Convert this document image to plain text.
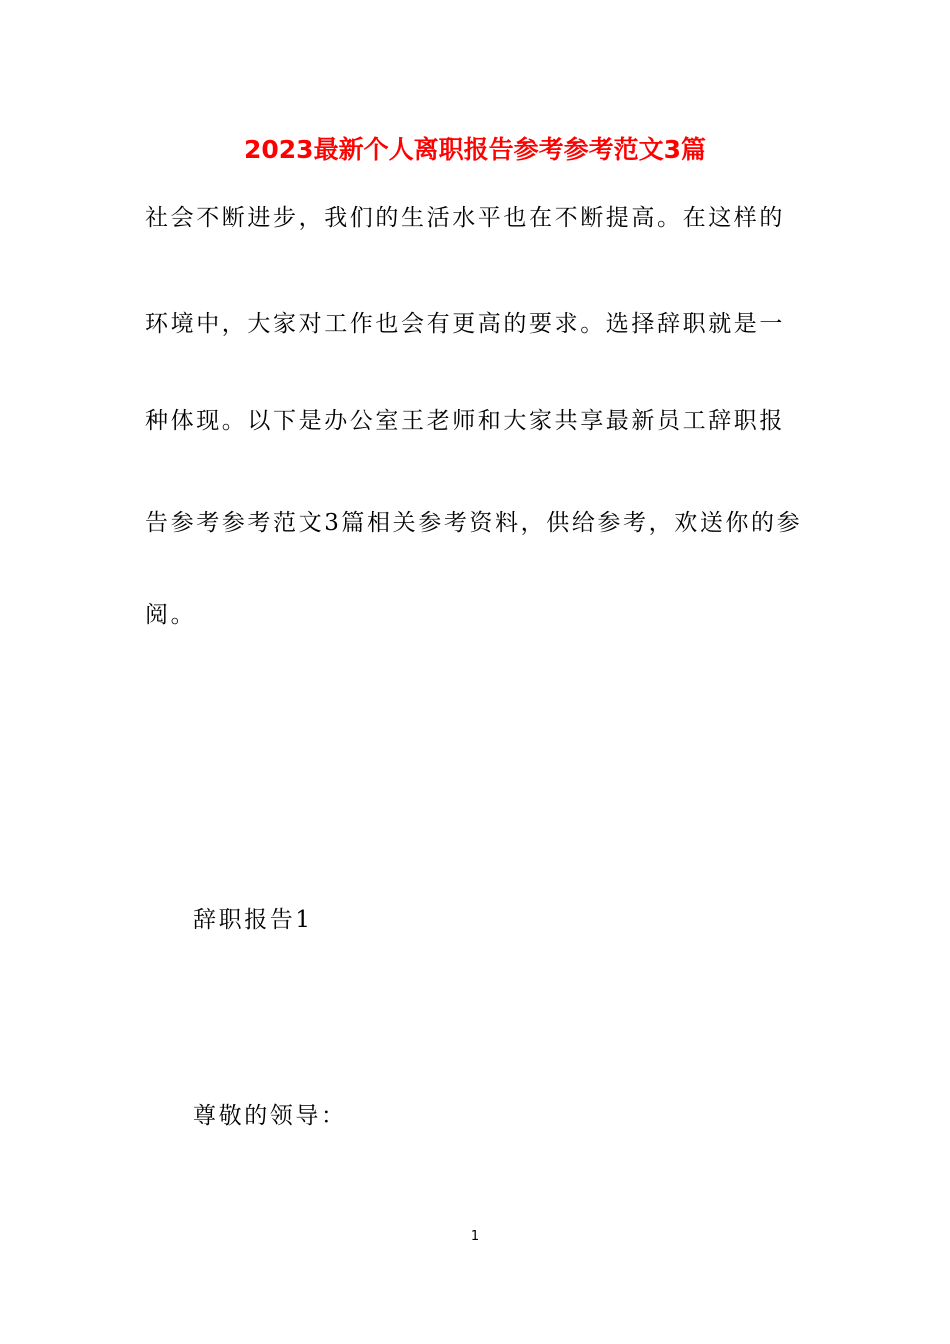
2023最新个人离职报告参考参考范文3篇
社会不断进步，我们的生活水平也在不断提高。在这样的
环境中，大家对工作也会有更高的要求。选择辞职就是一
种体现。以下是办公室王老师和大家共享最新员工辞职报
告参考参考范文3篇相关参考资料，供给参考，欢送你的参
阅。
辞职报告1
尊敬的领导：
1
